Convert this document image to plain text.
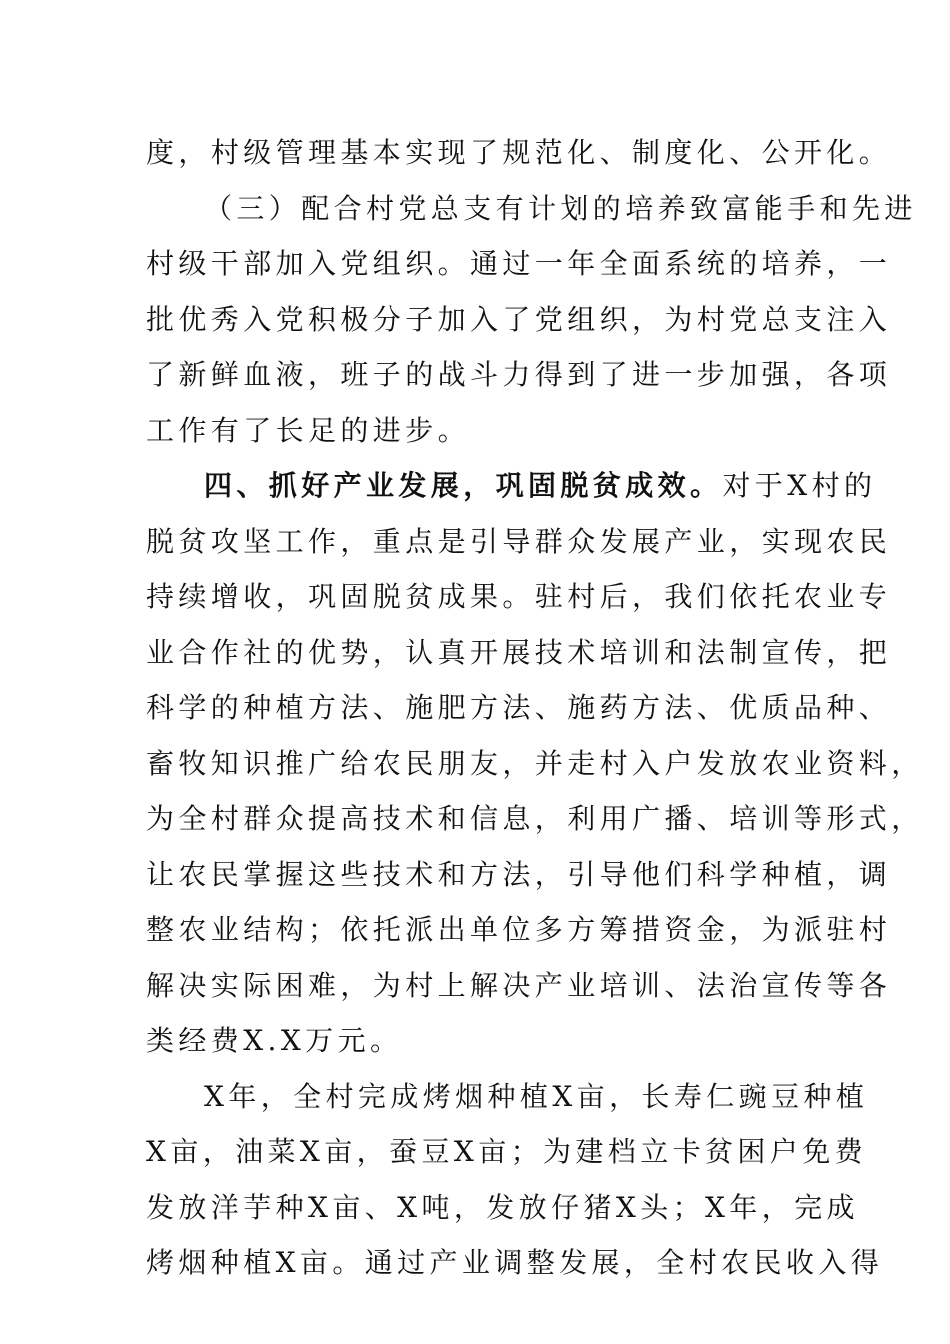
度，村级管理基本实现了规范化、制度化、公开化。
（三）配合村党总支有计划的培养致富能手和先进
村级干部加入党组织。通过一年全面系统的培养，一
批优秀入党积极分子加入了党组织，为村党总支注入
了新鲜血液，班子的战斗力得到了进一步加强，各项
工作有了长足的进步。
四、抓好产业发展，巩固脱贫成效。对于X村的
脱贫攻坚工作，重点是引导群众发展产业，实现农民
持续增收，巩固脱贫成果。驻村后，我们依托农业专
业合作社的优势，认真开展技术培训和法制宣传，把
科学的种植方法、施肥方法、施药方法、优质品种、
畜牧知识推广给农民朋友，并走村入户发放农业资料，
为全村群众提高技术和信息，利用广播、培训等形式，
让农民掌握这些技术和方法，引导他们科学种植，调
整农业结构；依托派出单位多方筹措资金，为派驻村
解决实际困难，为村上解决产业培训、法治宣传等各
类经费X.X万元。
X年，全村完成烤烟种植X亩，长寿仁豌豆种植
X亩，油菜X亩，蚕豆X亩；为建档立卡贫困户免费
发放洋芋种X亩、X吨，发放仔猪X头；X年，完成
烤烟种植X亩。通过产业调整发展，全村农民收入得
